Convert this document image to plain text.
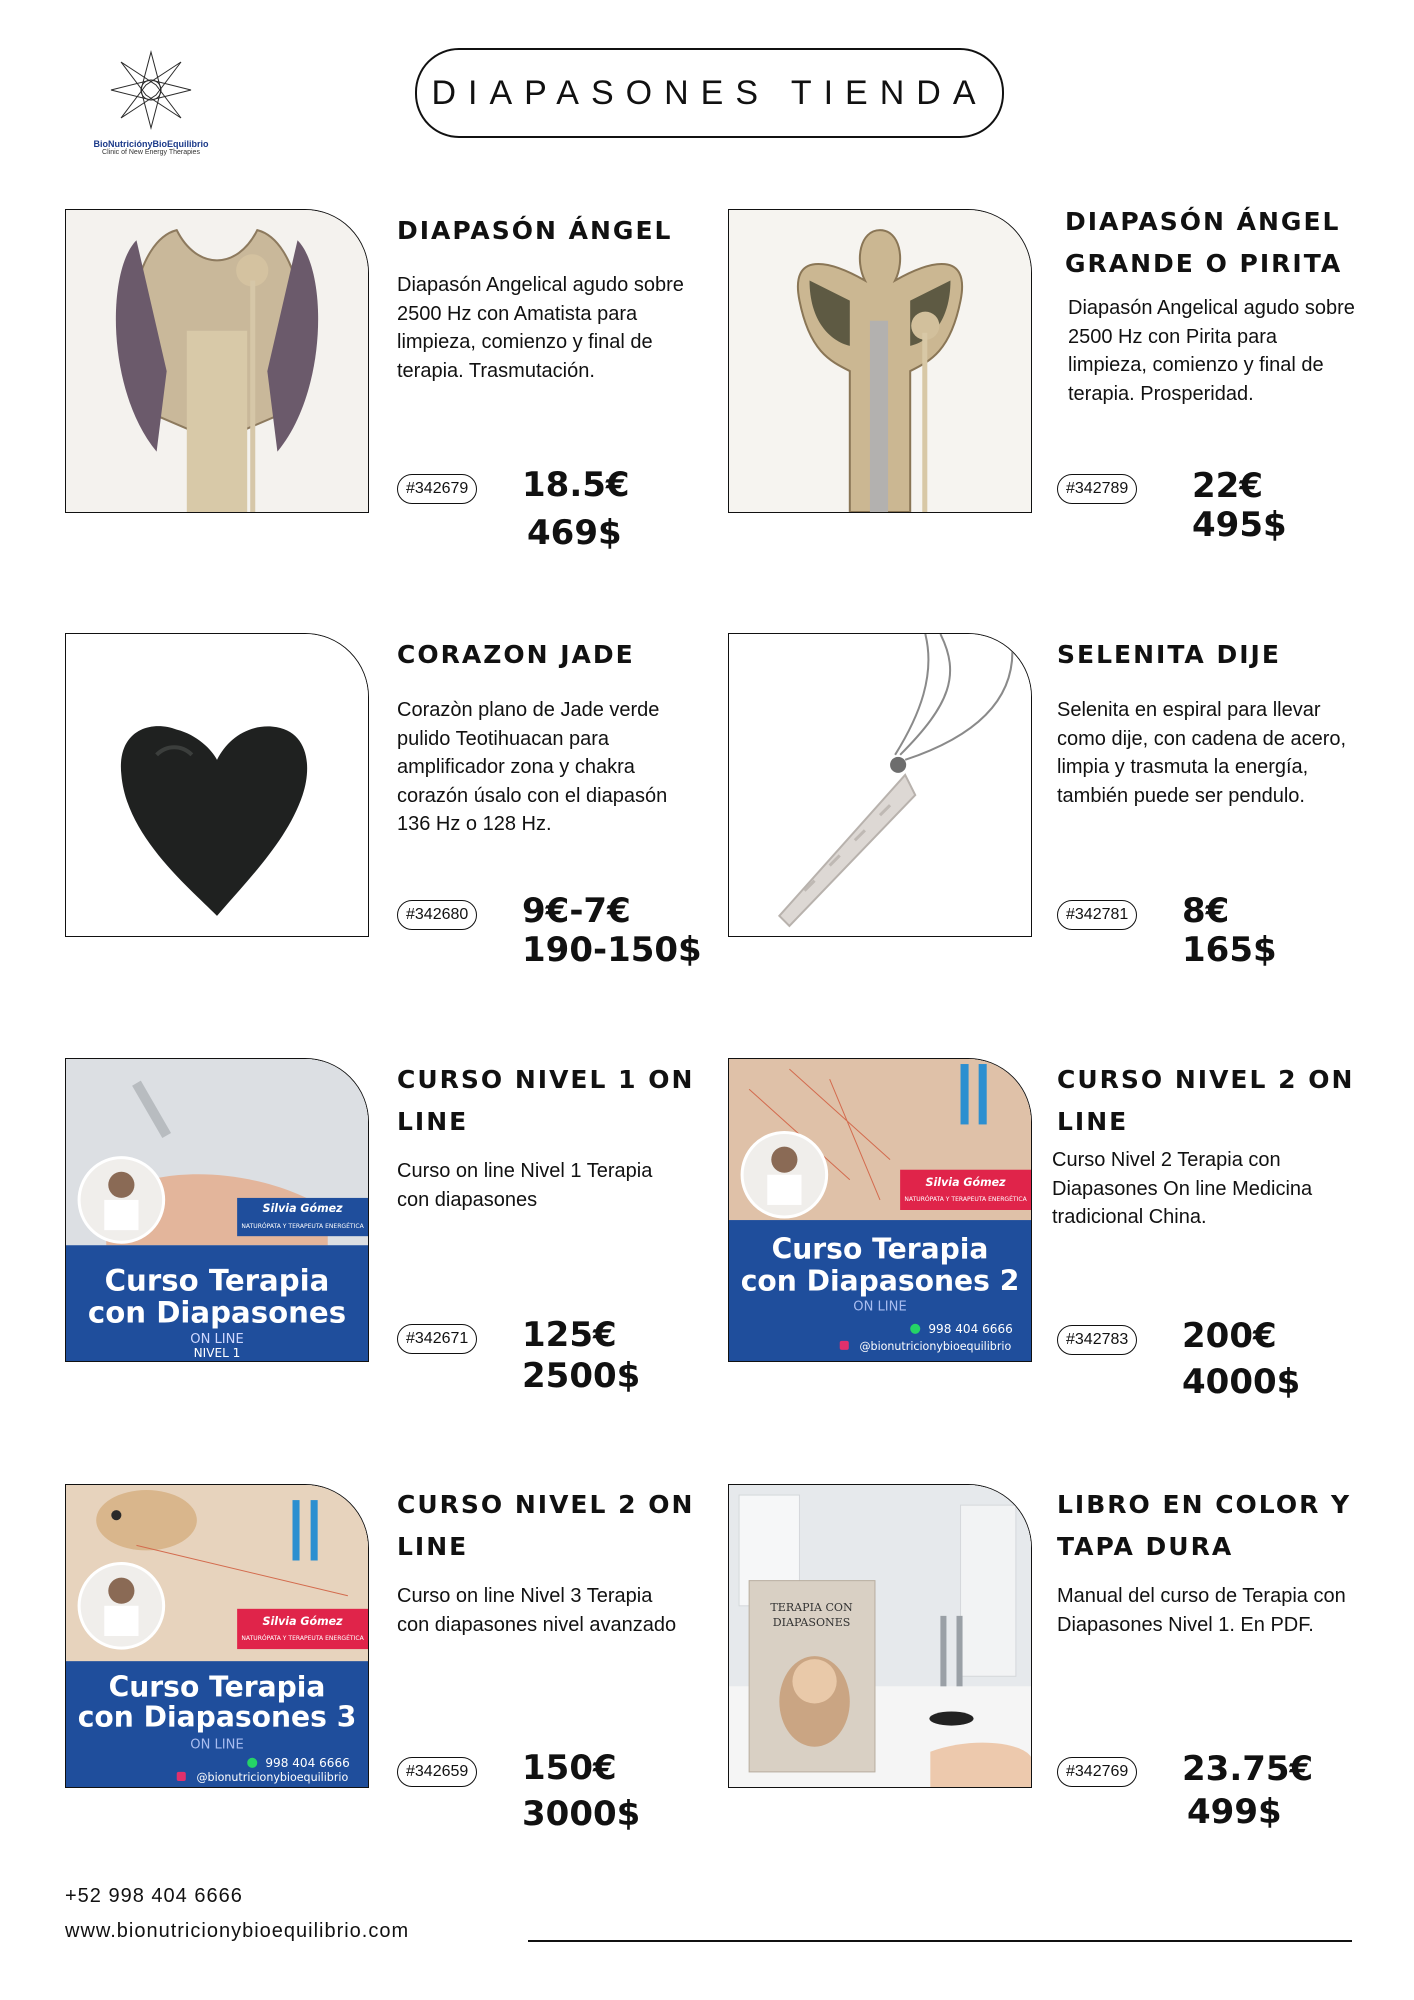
BioNutriciónyBioEquilibrio
Clinic of New Energy Therapies
DIAPASONES TIENDA
DIAPASÓN ÁNGEL
Diapasón Angelical agudo sobre 2500 Hz con Amatista para limpieza, comienzo y final de terapia. Trasmutación.
#342679 18.5€
469$
DIAPASÓN ÁNGEL GRANDE O PIRITA
Diapasón Angelical agudo sobre 2500 Hz con Pirita para limpieza, comienzo y final de terapia. Prosperidad.
#342789 22€
495$
CORAZON JADE
Corazòn plano de Jade verde pulido Teotihuacan para amplificador zona y chakra corazón úsalo con el diapasón 136 Hz o 128 Hz.
#342680 9€-7€
190-150$
SELENITA DIJE
Selenita en espiral para llevar como dije, con cadena de acero, limpia y trasmuta la energía, también puede ser pendulo.
#342781 8€
165$
Silvia Gómez
NATURÓPATA Y TERAPEUTA ENERGÉTICA
Curso Terapia
con Diapasones
ON LINE
NIVEL 1
CURSO NIVEL 1 ON LINE
Curso on line Nivel 1 Terapia con diapasones
#342671 125€
2500$
Silvia Gómez
NATURÓPATA Y TERAPEUTA ENERGÉTICA
Curso Terapia
con Diapasones 2
ON LINE
998 404 6666
@bionutricionybioequilibrio
CURSO NIVEL 2 ON LINE
Curso Nivel 2 Terapia con Diapasones On line Medicina tradicional China.
#342783 200€
4000$
Silvia Gómez
NATURÓPATA Y TERAPEUTA ENERGÉTICA
Curso Terapia
con Diapasones 3
ON LINE
998 404 6666
@bionutricionybioequilibrio
CURSO NIVEL 2 ON LINE
Curso on line Nivel 3 Terapia con diapasones nivel avanzado
#342659 150€
3000$
TERAPIA CON
DIAPASONES
LIBRO EN COLOR Y TAPA DURA
Manual del curso de Terapia con Diapasones Nivel 1. En PDF.
#342769 23.75€
499$
+52 998 404 6666
www.bionutricionybioequilibrio.com
